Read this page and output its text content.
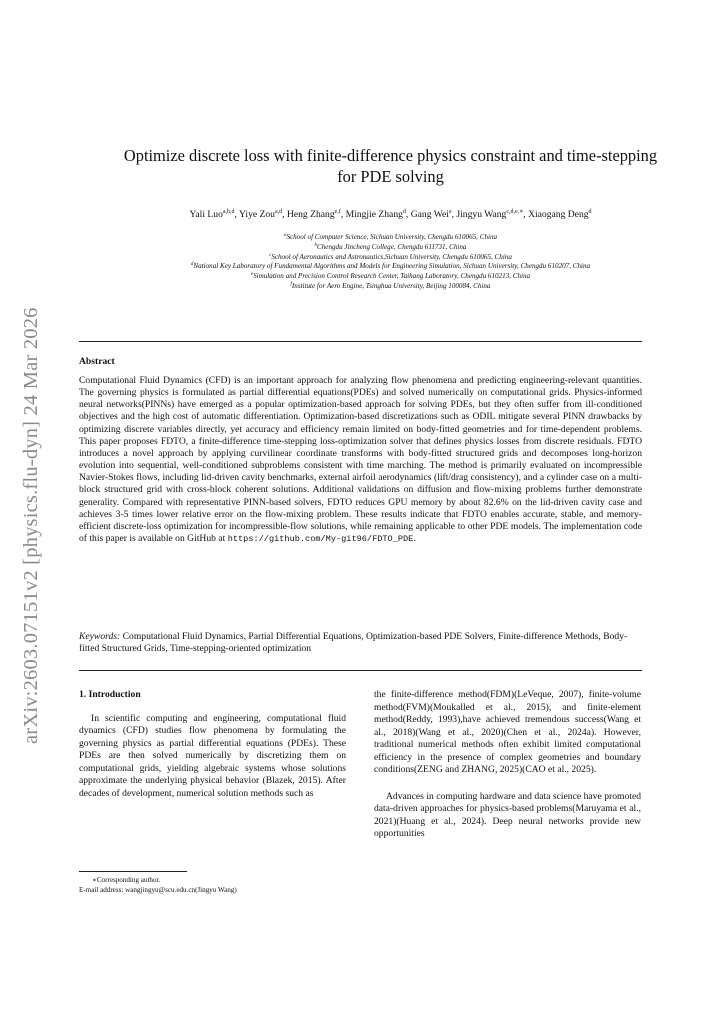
arXiv:2603.07151v2 [physics.flu-dyn] 24 Mar 2026
Optimize discrete loss with finite-difference physics constraint and time-stepping
for PDE solving
Yali Luo$^{a,b,d}$, Yiye Zou$^{a,d}$, Heng Zhang$^{e,f}$, Mingjie Zhang$^d$, Gang Wei$^e$, Jingyu Wang$^{c,d,e,∗}$, Xiaogang Deng$^d$
$^a$School of Computer Science, Sichuan University, Chengdu 610065, China
$^b$Chengdu Jincheng College, Chengdu 611731, China
$^c$School of Aeronautics and Astronautics,Sichuan University, Chengdu 610065, China
$^d$National Key Laboratory of Fundamental Algorithms and Models for Engineering Simulation, Sichuan University, Chengdu 610207, China
$^e$Simulation and Precision Control Research Center, Taihang Laboratory, Chengdu 610213, China
$^f$Institute for Aero Engine, Tsinghua University, Beijing 100084, China
Abstract
Computational Fluid Dynamics (CFD) is an important approach for analyzing flow phenomena and predicting engineering-relevant quantities. The governing physics is formulated as partial differential equations(PDEs) and solved numerically on computational grids. Physics-informed neural networks(PINNs) have emerged as a popular optimization-based approach for solving PDEs, but they often suffer from ill-conditioned objectives and the high cost of automatic differentiation. Optimization-based discretizations such as ODIL mitigate several PINN drawbacks by optimizing discrete variables directly, yet accuracy and efficiency remain limited on body-fitted geometries and for time-dependent problems. This paper proposes FDTO, a finite-difference time-stepping loss-optimization solver that defines physics losses from discrete residuals. FDTO introduces a novel approach by applying curvilinear coordinate transforms with body-fitted structured grids and decomposes long-horizon evolution into sequential, well-conditioned subproblems consistent with time marching. The method is primarily evaluated on incompressible Navier-Stokes flows, including lid-driven cavity benchmarks, external airfoil aerodynamics (lift/drag consistency), and a cylinder case on a multi-block structured grid with cross-block coherent solutions. Additional validations on diffusion and flow-mixing problems further demonstrate generality. Compared with representative PINN-based solvers, FDTO reduces GPU memory by about 82.6% on the lid-driven cavity case and achieves 3-5 times lower relative error on the flow-mixing problem. These results indicate that FDTO enables accurate, stable, and memory-efficient discrete-loss optimization for incompressible-flow solutions, while remaining applicable to other PDE models. The implementation code of this paper is available on GitHub at https://github.com/My-git96/FDTO_PDE.
Keywords: Computational Fluid Dynamics, Partial Differential Equations, Optimization-based PDE Solvers, Finite-difference Methods, Body-fitted Structured Grids, Time-stepping-oriented optimization
1. Introduction

In scientific computing and engineering, computational fluid dynamics (CFD) studies flow phenomena by formulating the governing physics as partial differential equations (PDEs). These PDEs are then solved numerically by discretizing them on computational grids, yielding algebraic systems whose solutions approximate the underlying physical behavior (Blazek, 2015). After decades of development, numerical solution methods such as

the finite-difference method(FDM)(LeVeque, 2007), finite-volume method(FVM)(Moukalled et al., 2015), and finite-element method(Reddy, 1993),have achieved tremendous success(Wang et al., 2018)(Wang et al., 2020)(Chen et al., 2024a). However, traditional numerical methods often exhibit limited computational efficiency in the presence of complex geometries and boundary conditions(ZENG and ZHANG, 2025)(CAO et al., 2025).

Advances in computing hardware and data science have promoted data-driven approaches for physics-based problems(Maruyama et al., 2021)(Huang et al., 2024). Deep neural networks provide new opportunities

∗Corresponding author.
E-mail address: wangjingyu@scu.edu.cn(Jingyu Wang)
